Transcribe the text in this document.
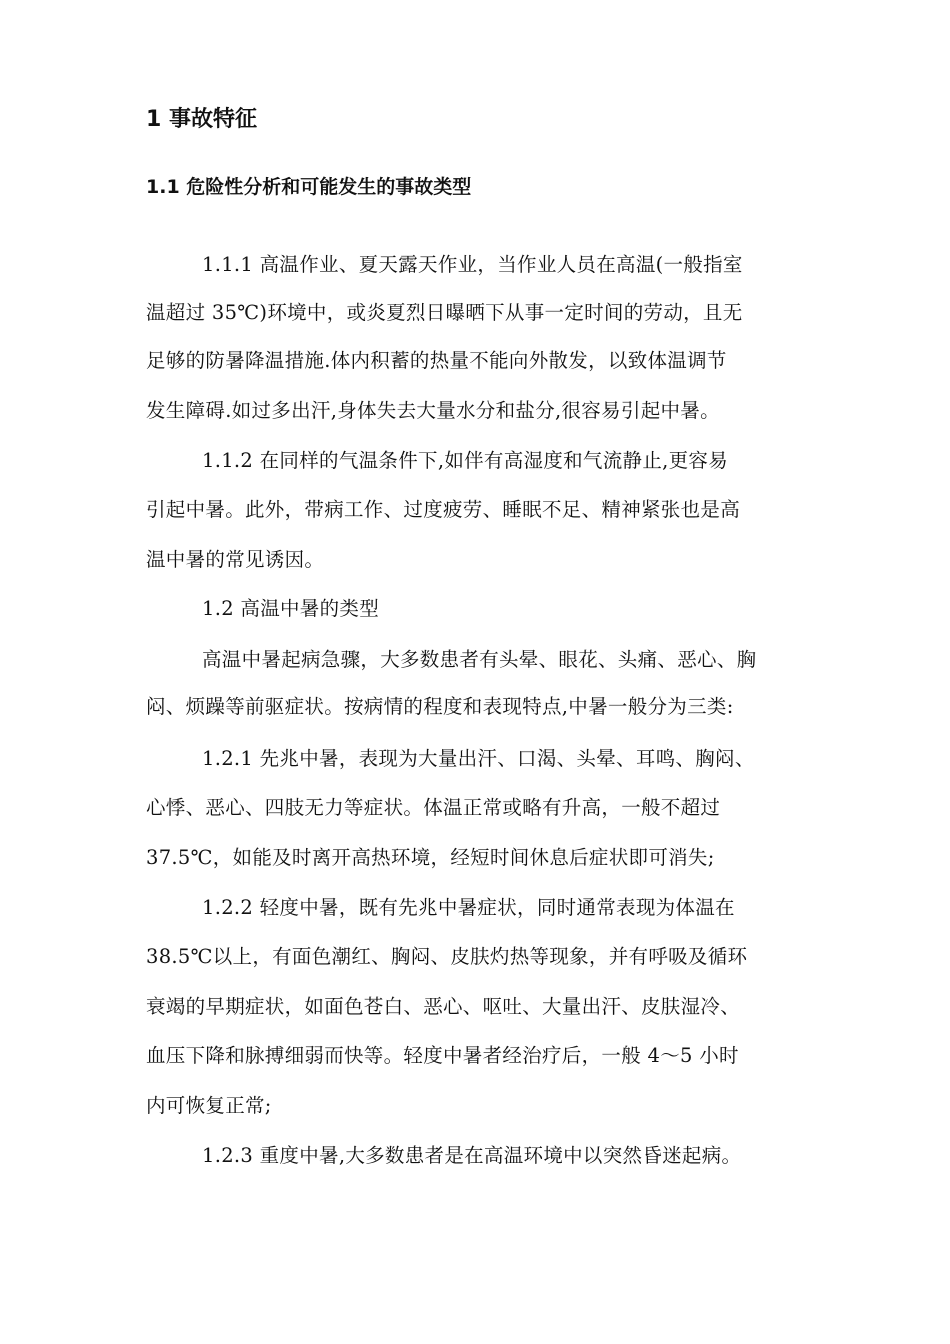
1 事故特征
1.1 危险性分析和可能发生的事故类型
1.1.1 高温作业、夏天露天作业，当作业人员在高温(一般指室
温超过 35℃)环境中，或炎夏烈日曝晒下从事一定时间的劳动，且无
足够的防暑降温措施.体内积蓄的热量不能向外散发，以致体温调节
发生障碍.如过多出汗,身体失去大量水分和盐分,很容易引起中暑。
1.1.2 在同样的气温条件下,如伴有高湿度和气流静止,更容易
引起中暑。此外，带病工作、过度疲劳、睡眠不足、精神紧张也是高
温中暑的常见诱因。
1.2 高温中暑的类型
高温中暑起病急骤，大多数患者有头晕、眼花、头痛、恶心、胸
闷、烦躁等前驱症状。按病情的程度和表现特点,中暑一般分为三类:
1.2.1 先兆中暑，表现为大量出汗、口渴、头晕、耳鸣、胸闷、
心悸、恶心、四肢无力等症状。体温正常或略有升高，一般不超过
37.5℃，如能及时离开高热环境，经短时间休息后症状即可消失;
1.2.2 轻度中暑，既有先兆中暑症状，同时通常表现为体温在
38.5℃以上，有面色潮红、胸闷、皮肤灼热等现象，并有呼吸及循环
衰竭的早期症状，如面色苍白、恶心、呕吐、大量出汗、皮肤湿冷、
血压下降和脉搏细弱而快等。轻度中暑者经治疗后，一般 4～5 小时
内可恢复正常;
1.2.3 重度中暑,大多数患者是在高温环境中以突然昏迷起病。
